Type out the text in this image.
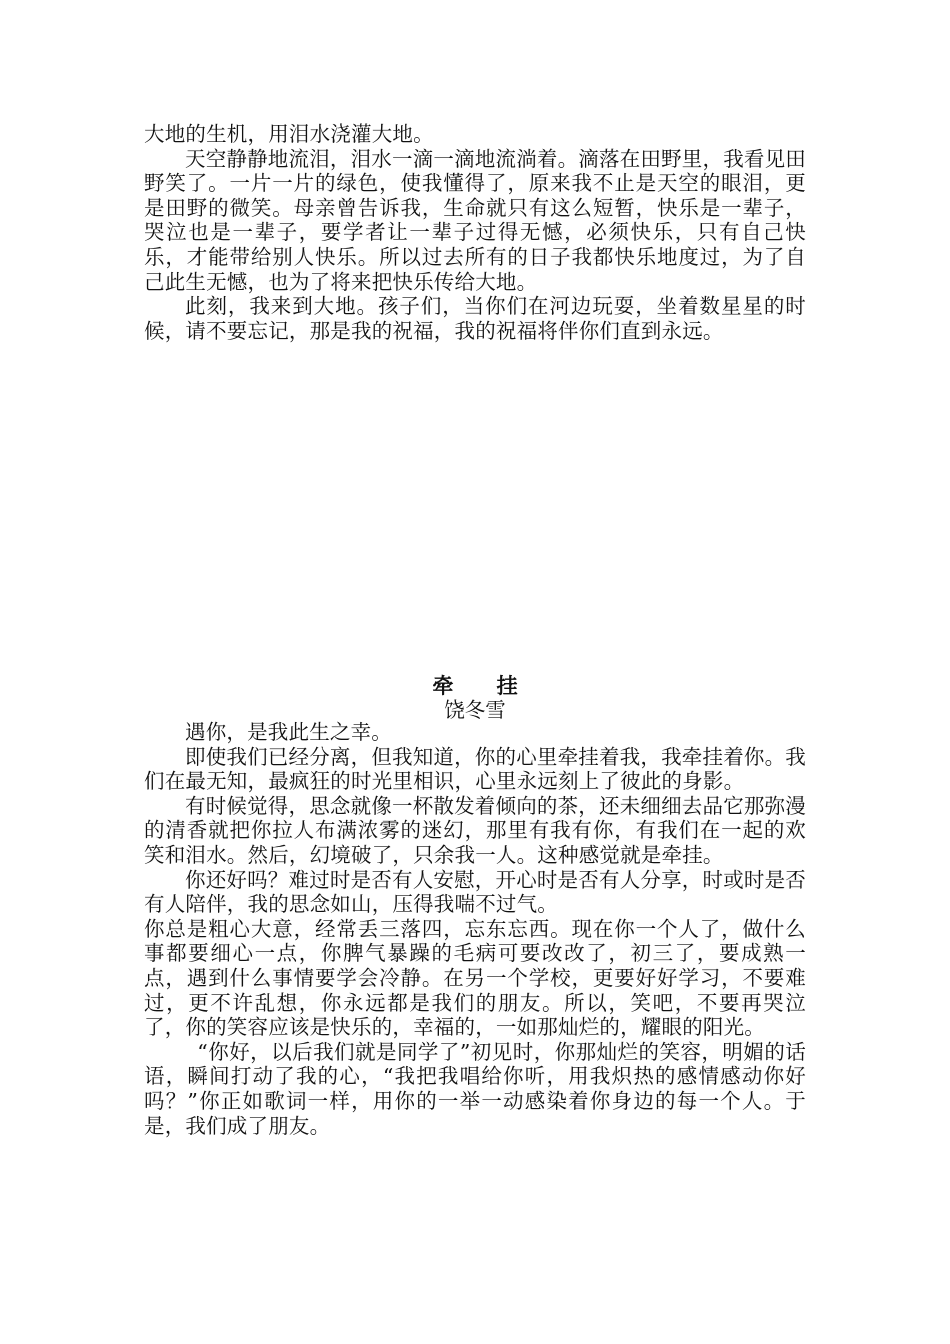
大地的生机，用泪水浇灌大地。

天空静静地流泪，泪水一滴一滴地流淌着。滴落在田野里，我看见田野笑了。一片一片的绿色，使我懂得了，原来我不止是天空的眼泪，更是田野的微笑。母亲曾告诉我，生命就只有这么短暂，快乐是一辈子，哭泣也是一辈子，要学者让一辈子过得无憾，必须快乐，只有自己快乐，才能带给别人快乐。所以过去所有的日子我都快乐地度过，为了自己此生无憾，也为了将来把快乐传给大地。

此刻，我来到大地。孩子们，当你们在河边玩耍，坐着数星星的时候，请不要忘记，那是我的祝福，我的祝福将伴你们直到永远。

牵 挂
饶冬雪

遇你，是我此生之幸。

即使我们已经分离，但我知道，你的心里牵挂着我，我牵挂着你。我们在最无知，最疯狂的时光里相识，心里永远刻上了彼此的身影。

有时候觉得，思念就像一杯散发着倾向的茶，还未细细去品它那弥漫的清香就把你拉人布满浓雾的迷幻，那里有我有你，有我们在一起的欢笑和泪水。然后，幻境破了，只余我一人。这种感觉就是牵挂。

你还好吗？难过时是否有人安慰，开心时是否有人分享，时或时是否有人陪伴，我的思念如山，压得我喘不过气。

你总是粗心大意，经常丢三落四，忘东忘西。现在你一个人了，做什么事都要细心一点，你脾气暴躁的毛病可要改改了，初三了，要成熟一点，遇到什么事情要学会冷静。在另一个学校，更要好好学习，不要难过，更不许乱想，你永远都是我们的朋友。所以，笑吧，不要再哭泣了，你的笑容应该是快乐的，幸福的，一如那灿烂的，耀眼的阳光。

“你好，以后我们就是同学了”初见时，你那灿烂的笑容，明媚的话语，瞬间打动了我的心，“我把我唱给你听，用我炽热的感情感动你好吗？”你正如歌词一样，用你的一举一动感染着你身边的每一个人。于是，我们成了朋友。
